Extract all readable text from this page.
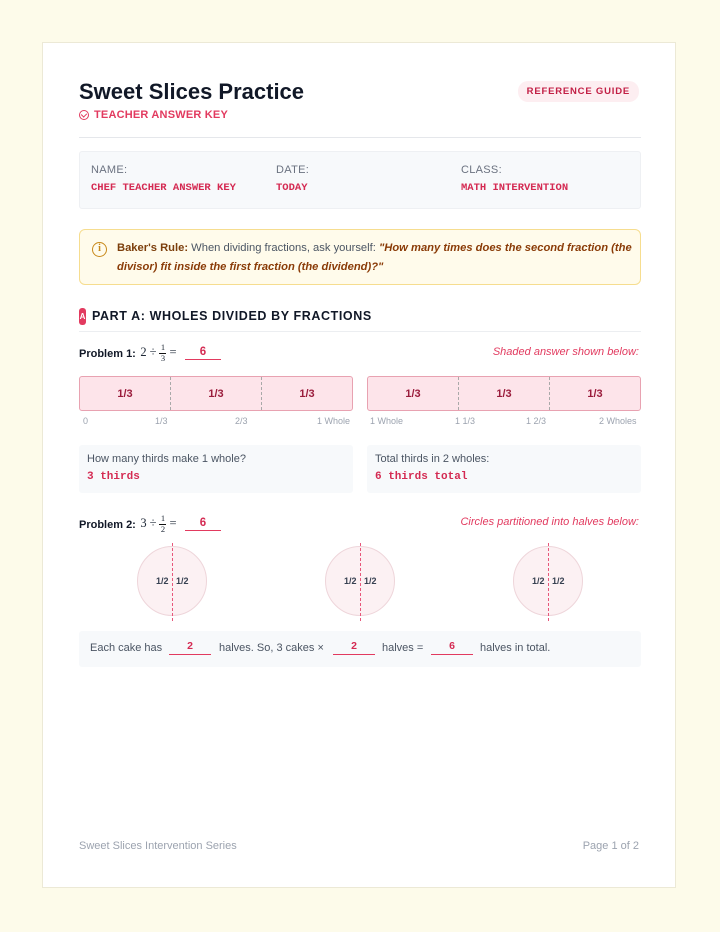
Sweet Slices Practice
TEACHER ANSWER KEY
REFERENCE GUIDE
NAME:
CHEF TEACHER ANSWER KEY
DATE:
TODAY
CLASS:
MATH INTERVENTION
i	Baker's Rule: When dividing fractions, ask yourself: "How many times does the second fraction (the divisor) fit inside the first fraction (the dividend)?"
A PART A: WHOLES DIVIDED BY FRACTIONS
Problem 1: $2 \div \frac{1}{3} = 6$	Shaded answer shown below:
1/3	1/3	1/3	1/3	1/3	1/3
0	1/3	2/3	1 Whole 1 Whole	1 1/3	1 2/3	2 Wholes
How many thirds make 1 whole?
3 thirds
Total thirds in 2 wholes:
6 thirds total
Problem 2: $3 \div \frac{1}{2} = 6$	Circles partitioned into halves below:
1/2 1/2	1/2 1/2	1/2 1/2
Each cake has	2	halves. So, 3 cakes ×	2	halves =	6	halves in total.
Sweet Slices Intervention Series	Page 1 of 2
